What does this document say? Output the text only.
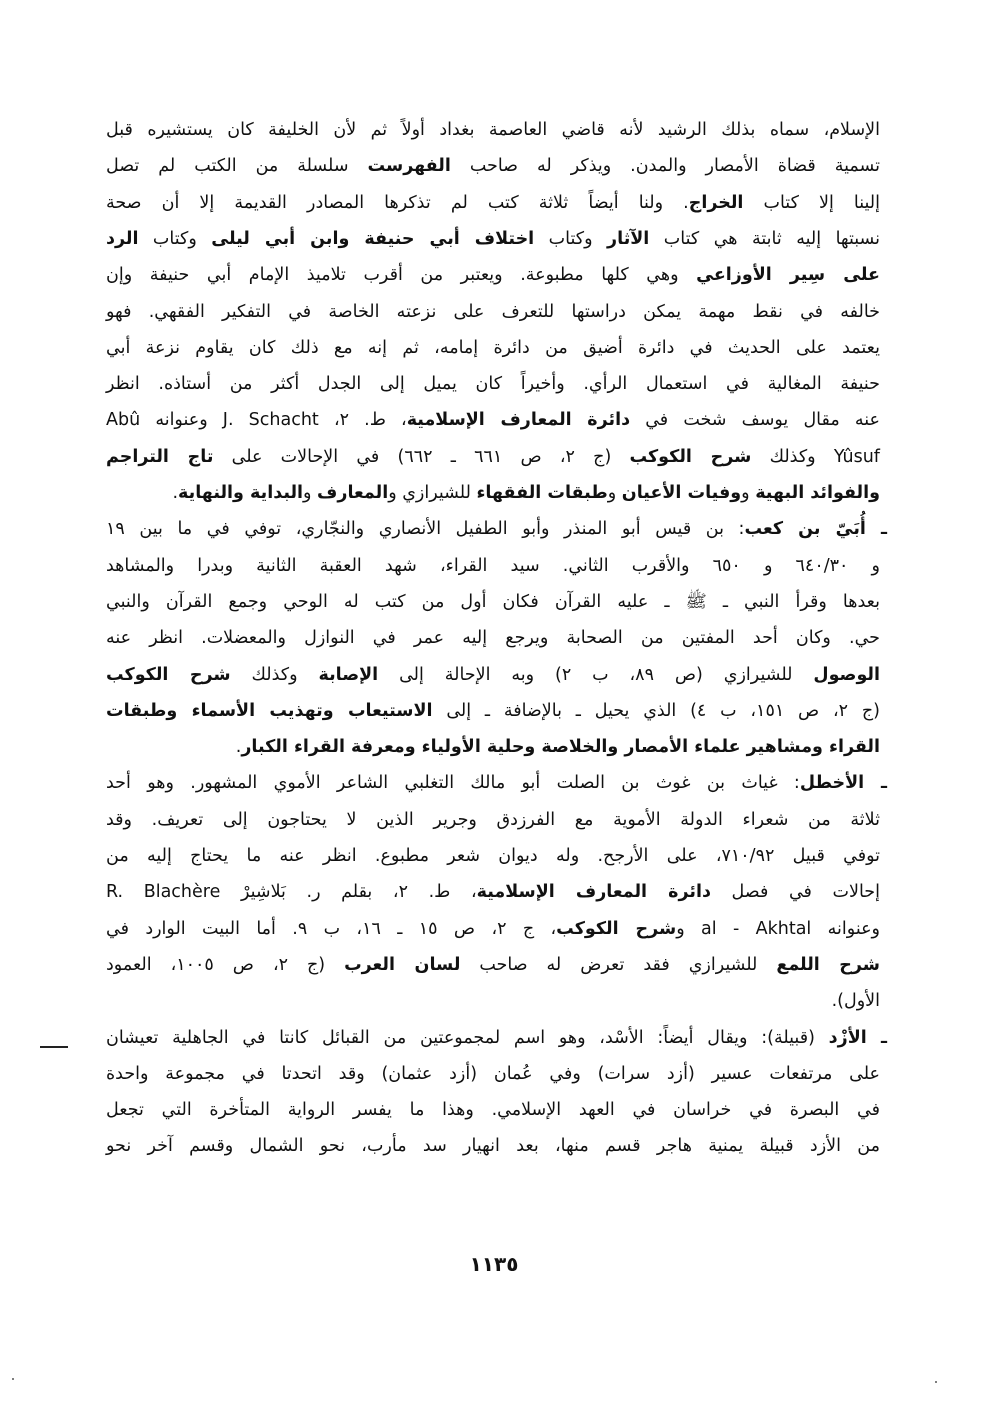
الإسلام، سماه بذلك الرشيد لأنه قاضي العاصمة بغداد أولاً ثم لأن الخليفة كان يستشيره قبل
تسمية قضاة الأمصار والمدن. ويذكر له صاحب الفهرست سلسلة من الكتب لم تصل
إلينا إلا كتاب الخراج. ولنا أيضاً ثلاثة كتب لم تذكرها المصادر القديمة إلا أن صحة
نسبتها إليه ثابتة هي كتاب الآثار وكتاب اختلاف أبي حنيفة وابن أبي ليلى وكتاب الرد
على سِير الأوزاعي وهي كلها مطبوعة. ويعتبر من أقرب تلاميذ الإمام أبي حنيفة وإن
خالفه في نقط مهمة يمكن دراستها للتعرف على نزعته الخاصة في التفكير الفقهي. فهو
يعتمد على الحديث في دائرة أضيق من دائرة إمامه، ثم إنه مع ذلك كان يقاوم نزعة أبي
حنيفة المغالية في استعمال الرأي. وأخيراً كان يميل إلى الجدل أكثر من أستاذه. انظر
عنه مقال يوسف شخت في دائرة المعارف الإسلامية، ط. ٢، J. Schacht وعنوانه Abû
Yûsuf وكذلك شرح الكوكب (ج ٢، ص ٦٦١ ـ ٦٦٢) في الإحالات على تاج التراجم
والفوائد البهية ووفيات الأعيان وطبقات الفقهاء للشيرازي والمعارف والبداية والنهاية.
ـ أُبَيّ بن كعب: بن قيس أبو المنذر وأبو الطفيل الأنصاري والنجّاري، توفي في ما بين ١٩
و ٦٤٠/٣٠ و ٦٥٠ والأقرب الثاني. سيد القراء، شهد العقبة الثانية وبدرا والمشاهد
بعدها وقرأ النبي ـ ﷺ ـ عليه القرآن فكان أول من كتب له الوحي وجمع القرآن والنبي
حي. وكان أحد المفتين من الصحابة ويرجع إليه عمر في النوازل والمعضلات. انظر عنه
الوصول للشيرازي (ص ٨٩، ب ٢) وبه الإحالة إلى الإصابة وكذلك شرح الكوكب
(ج ٢، ص ١٥١، ب ٤) الذي يحيل ـ بالإضافة ـ إلى الاستيعاب وتهذيب الأسماء وطبقات
القراء ومشاهير علماء الأمصار والخلاصة وحلية الأولياء ومعرفة القراء الكبار.
ـ الأخطل: غياث بن غوث بن الصلت أبو مالك التغلبي الشاعر الأموي المشهور. وهو أحد
ثلاثة من شعراء الدولة الأموية مع الفرزدق وجرير الذين لا يحتاجون إلى تعريف. وقد
توفي قبيل ٧١٠/٩٢، على الأرجح. وله ديوان شعر مطبوع. انظر عنه ما يحتاج إليه من
إحالات في فصل دائرة المعارف الإسلامية، ط. ٢، بقلم ر. بَلاشِيرْ R. Blachère
وعنوانه al - Akhtal وشرح الكوكب، ج ٢، ص ١٥ ـ ١٦، ب ٩. أما البيت الوارد في
شرح اللمع للشيرازي فقد تعرض له صاحب لسان العرب (ج ٢، ص ١٠٠٥، العمود
الأول).
ـ الأزْد (قبيلة): ويقال أيضاً: الأسْد، وهو اسم لمجموعتين من القبائل كانتا في الجاهلية تعيشان
على مرتفعات عسير (أزد سرات) وفي عُمان (أزد عثمان) وقد اتحدتا في مجموعة واحدة
في البصرة في خراسان في العهد الإسلامي. وهذا ما يفسر الرواية المتأخرة التي تجعل
من الأزد قبيلة يمنية هاجر قسم منها، بعد انهيار سد مأرب، نحو الشمال وقسم آخر نحو
١١٣٥
